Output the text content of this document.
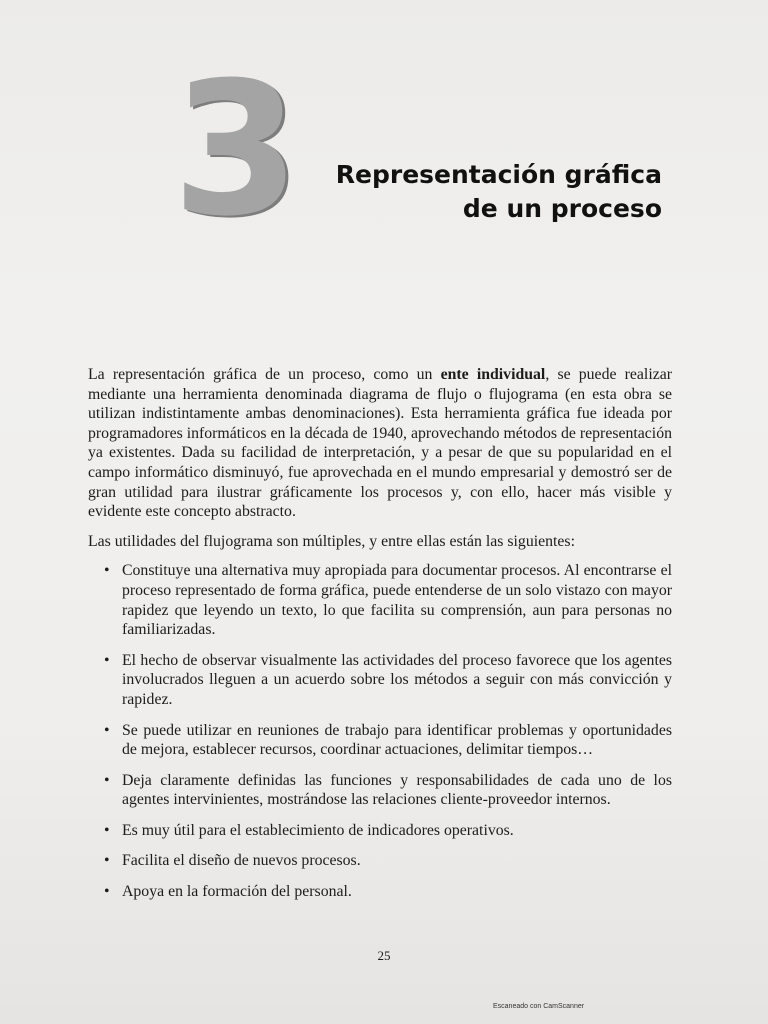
3 Representación gráfica
de un proceso

La representación gráfica de un proceso, como un ente individual, se puede realizar mediante una herramienta denominada diagrama de flujo o flujograma (en esta obra se utilizan indistintamente ambas denominaciones). Esta herramienta gráfica fue ideada por programadores informáticos en la década de 1940, aprovechando métodos de representación ya existentes. Dada su facilidad de interpretación, y a pesar de que su popularidad en el campo informático disminuyó, fue aprovechada en el mundo empresarial y demostró ser de gran utilidad para ilustrar gráficamente los procesos y, con ello, hacer más visible y evidente este concepto abstracto.

Las utilidades del flujograma son múltiples, y entre ellas están las siguientes:

• Constituye una alternativa muy apropiada para documentar procesos. Al encontrarse el proceso representado de forma gráfica, puede entenderse de un solo vistazo con mayor rapidez que leyendo un texto, lo que facilita su comprensión, aun para personas no familiarizadas.
• El hecho de observar visualmente las actividades del proceso favorece que los agentes involucrados lleguen a un acuerdo sobre los métodos a seguir con más convicción y rapidez.
• Se puede utilizar en reuniones de trabajo para identificar problemas y oportunidades de mejora, establecer recursos, coordinar actuaciones, delimitar tiempos…
• Deja claramente definidas las funciones y responsabilidades de cada uno de los agentes intervinientes, mostrándose las relaciones cliente-proveedor internos.
• Es muy útil para el establecimiento de indicadores operativos.
• Facilita el diseño de nuevos procesos.
• Apoya en la formación del personal.
25
Escaneado con CamScanner
